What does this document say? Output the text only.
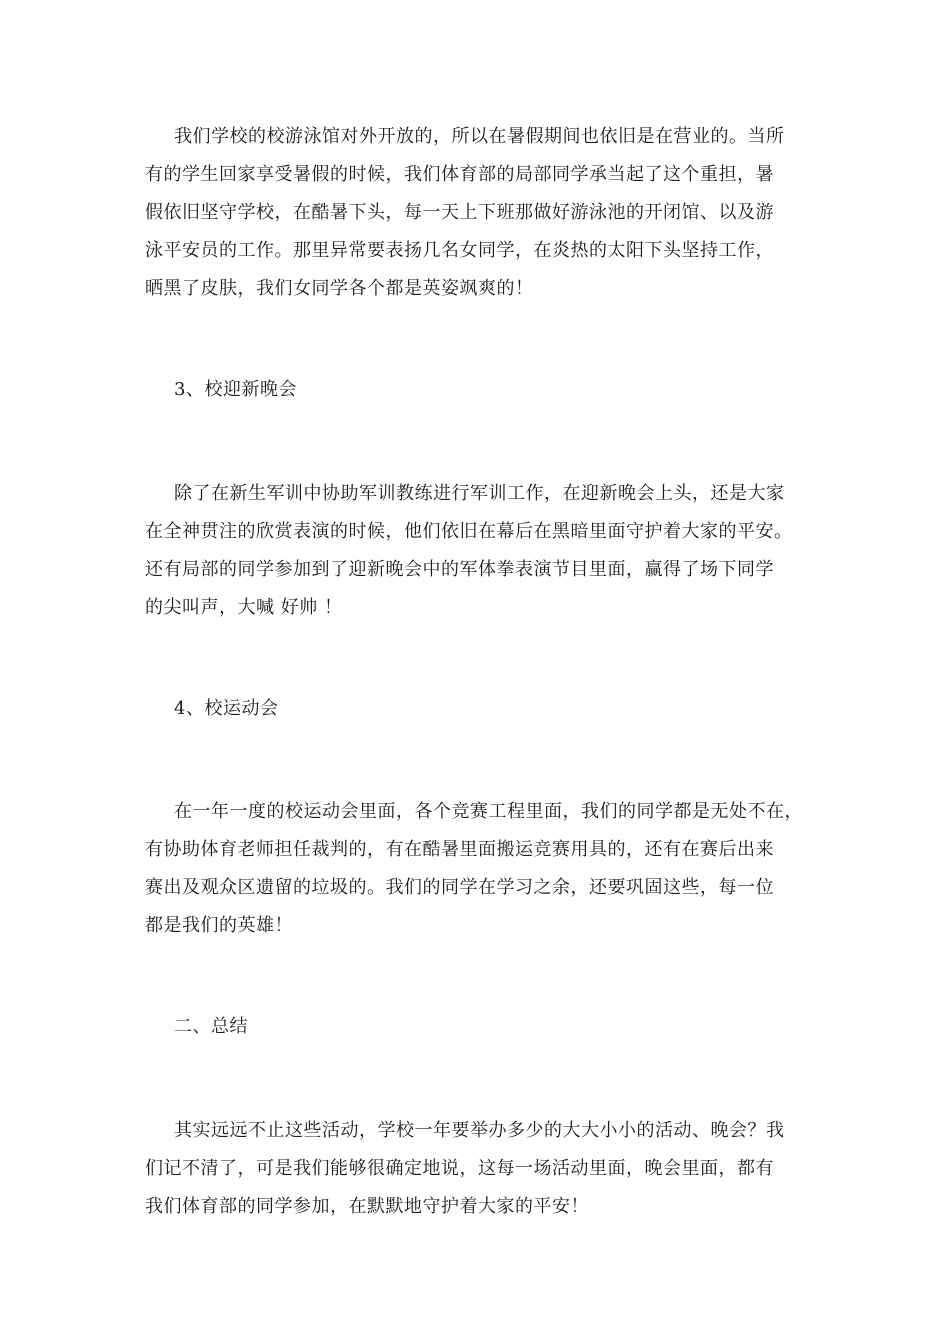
我们学校的校游泳馆对外开放的，所以在暑假期间也依旧是在营业的。当所
有的学生回家享受暑假的时候，我们体育部的局部同学承当起了这个重担，暑
假依旧坚守学校，在酷暑下头，每一天上下班那做好游泳池的开闭馆、以及游
泳平安员的工作。那里异常要表扬几名女同学，在炎热的太阳下头坚持工作，
晒黑了皮肤，我们女同学各个都是英姿飒爽的！
3、校迎新晚会
除了在新生军训中协助军训教练进行军训工作，在迎新晚会上头，还是大家
在全神贯注的欣赏表演的时候，他们依旧在幕后在黑暗里面守护着大家的平安。
还有局部的同学参加到了迎新晚会中的军体拳表演节目里面，赢得了场下同学
的尖叫声，大喊 好帅 ！
4、校运动会
在一年一度的校运动会里面，各个竞赛工程里面，我们的同学都是无处不在，
有协助体育老师担任裁判的，有在酷暑里面搬运竞赛用具的，还有在赛后出来
赛出及观众区遗留的垃圾的。我们的同学在学习之余，还要巩固这些，每一位
都是我们的英雄！
二、总结
其实远远不止这些活动，学校一年要举办多少的大大小小的活动、晚会？我
们记不清了，可是我们能够很确定地说，这每一场活动里面，晚会里面，都有
我们体育部的同学参加，在默默地守护着大家的平安！
